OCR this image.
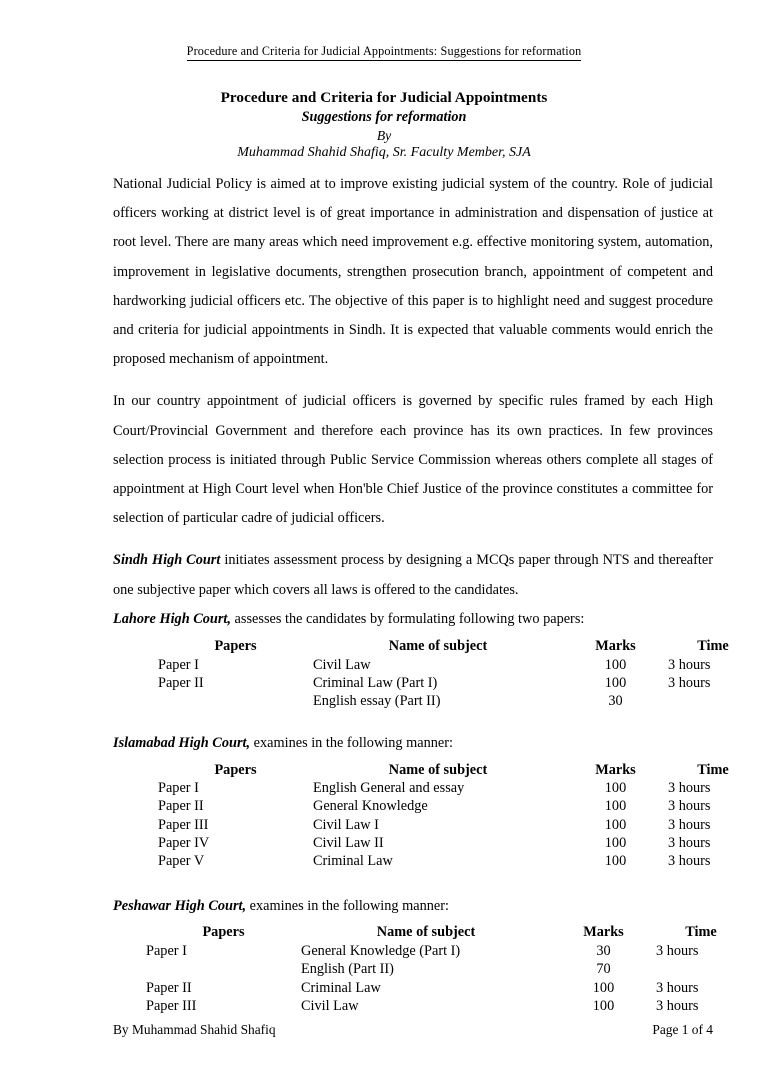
Procedure and Criteria for Judicial Appointments: Suggestions for reformation
Procedure and Criteria for Judicial Appointments
Suggestions for reformation
By
Muhammad Shahid Shafiq, Sr. Faculty Member, SJA

National Judicial Policy is aimed at to improve existing judicial system of the country. Role of judicial officers working at district level is of great importance in administration and dispensation of justice at root level. There are many areas which need improvement e.g. effective monitoring system, automation, improvement in legislative documents, strengthen prosecution branch, appointment of competent and hardworking judicial officers etc. The objective of this paper is to highlight need and suggest procedure and criteria for judicial appointments in Sindh. It is expected that valuable comments would enrich the proposed mechanism of appointment.

In our country appointment of judicial officers is governed by specific rules framed by each High Court/Provincial Government and therefore each province has its own practices. In few provinces selection process is initiated through Public Service Commission whereas others complete all stages of appointment at High Court level when Hon'ble Chief Justice of the province constitutes a committee for selection of particular cadre of judicial officers.

Sindh High Court initiates assessment process by designing a MCQs paper through NTS and thereafter one subjective paper which covers all laws is offered to the candidates.

Lahore High Court, assesses the candidates by formulating following two papers:

Papers	Name of subject	Marks	Time
Paper I	Civil Law	100	3 hours
Paper II	Criminal Law (Part I)	100	3 hours
	English essay (Part II)	30	

Islamabad High Court, examines in the following manner:

Papers	Name of subject	Marks	Time
Paper I	English General and essay	100	3 hours
Paper II	General Knowledge	100	3 hours
Paper III	Civil Law I	100	3 hours
Paper IV	Civil Law II	100	3 hours
Paper V	Criminal Law	100	3 hours

Peshawar High Court, examines in the following manner:

Papers	Name of subject	Marks	Time
Paper I	General Knowledge (Part I)	30	3 hours
	English (Part II)	70	
Paper II	Criminal Law	100	3 hours
Paper III	Civil Law	100	3 hours
By Muhammad Shahid Shafiq	Page 1 of 4
